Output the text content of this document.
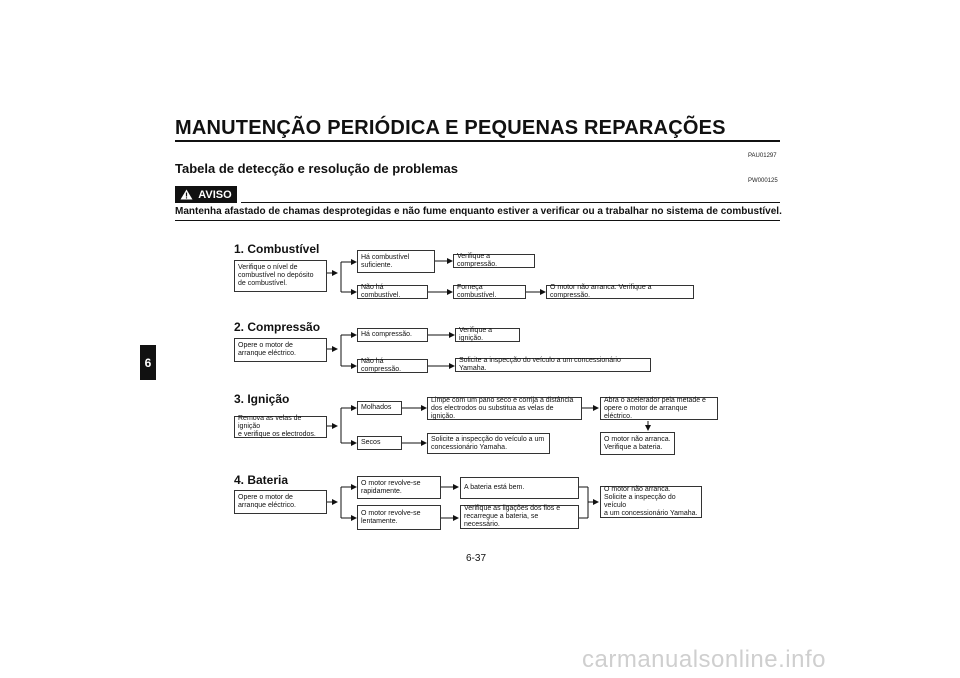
MANUTENÇÃO PERIÓDICA E PEQUENAS REPARAÇÕES
PAU01297
Tabela de detecção e resolução de problemas
PW000125
AVISO
Mantenha afastado de chamas desprotegidas e não fume enquanto estiver a verificar ou a trabalhar no sistema de combustível.
6
1. Combustível
Verifique o nível de
combustível no depósito
de combustível.
Há combustível
suficiente.
Não há combustível.
Verifique a compressão.
Forneça combustível.
O motor não arranca. Verifique a compressão.
2. Compressão
Opere o motor de
arranque eléctrico.
Há compressão.
Não há compressão.
Verifique a ignição.
Solicite a inspecção do veículo a um concessionário Yamaha.
3. Ignição
Remova as velas de ignição
e verifique os electrodos.
Molhados
Secos
Limpe com um pano seco e corrija a distância
dos electrodos ou substitua as velas de ignição.
Solicite a inspecção do veículo a um
concessionário Yamaha.
Abra o acelerador pela metade e
opere o motor de arranque eléctrico.
O motor não arranca.
Verifique a bateria.
4. Bateria
Opere o motor de
arranque eléctrico.
O motor revolve-se
rapidamente.
O motor revolve-se
lentamente.
A bateria está bem.
Verifique as ligações dos fios e
recarregue a bateria, se necessário.
O motor não arranca.
Solicite a inspecção do veículo
a um concessionário Yamaha.
6-37
carmanualsonline.info
